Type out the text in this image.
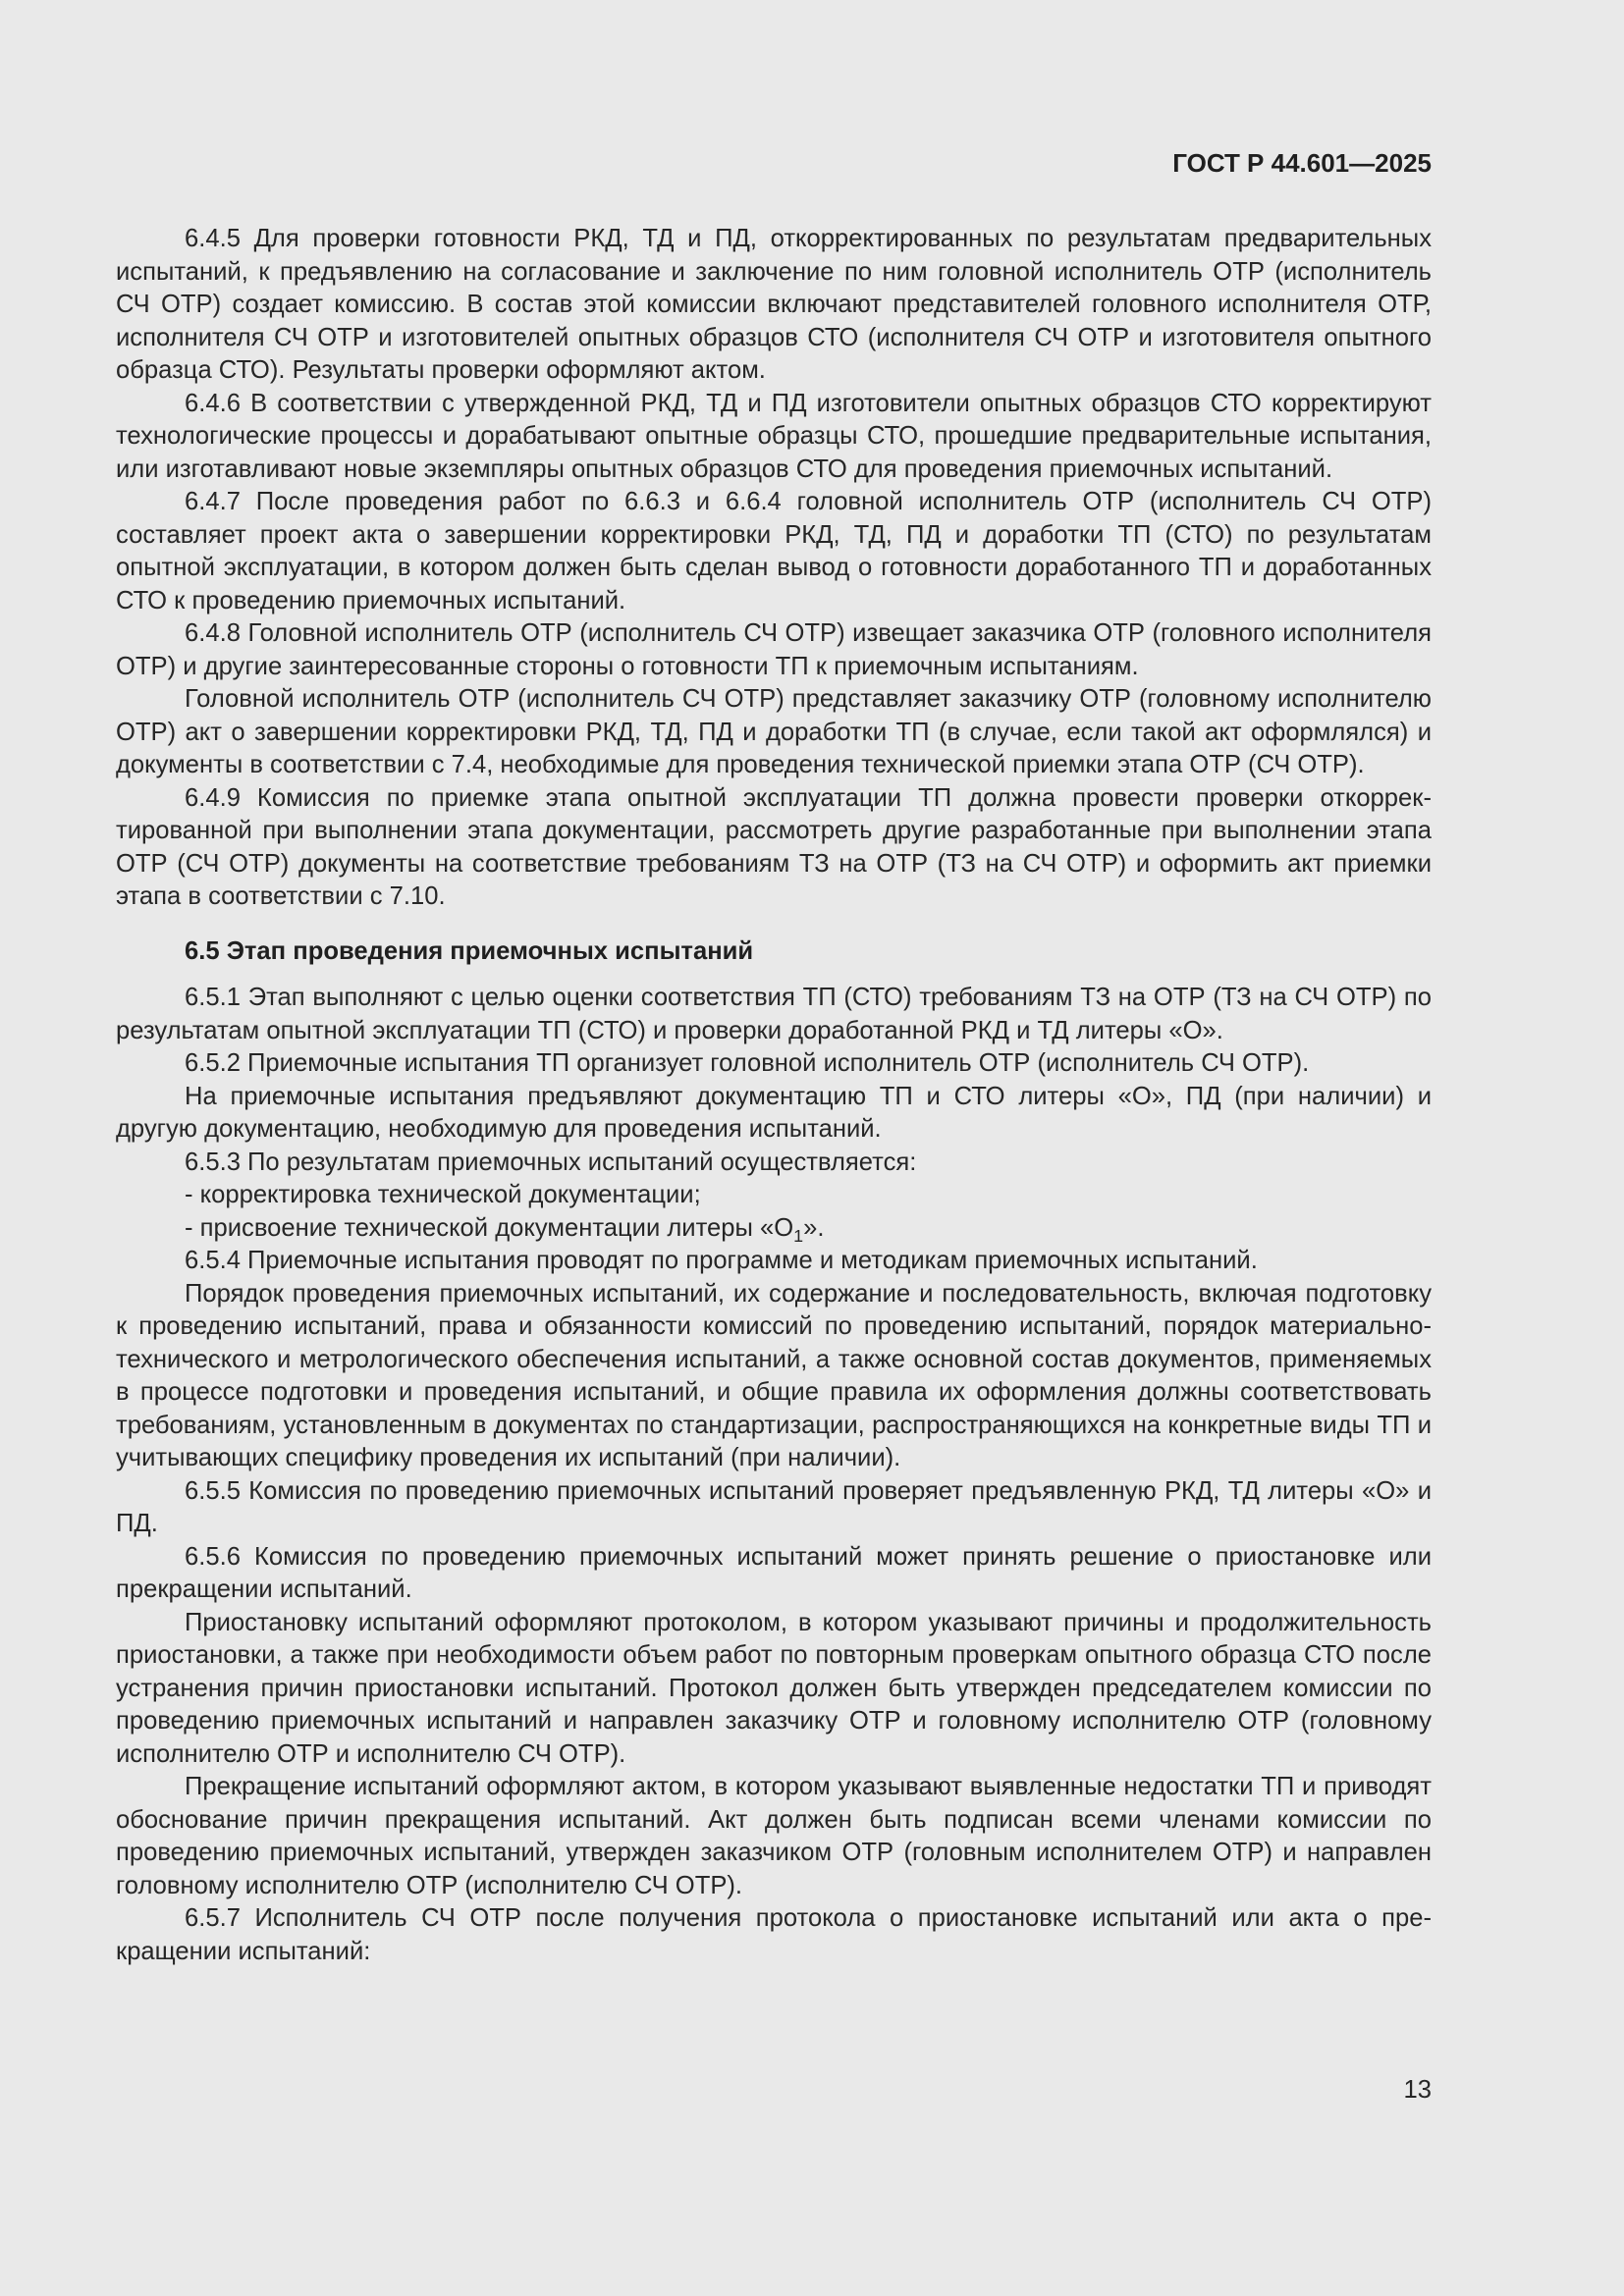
ГОСТ Р 44.601—2025

6.4.5 Для проверки готовности РКД, ТД и ПД, откорректированных по результатам предварительных испытаний, к предъявлению на согласование и заключение по ним головной исполнитель ОТР (исполнитель СЧ ОТР) создает комиссию. В состав этой комиссии включают представителей головного исполнителя ОТР, исполнителя СЧ ОТР и изготовителей опытных образцов СТО (исполнителя СЧ ОТР и изготовителя опытного образца СТО). Результаты проверки оформляют актом.

6.4.6 В соответствии с утвержденной РКД, ТД и ПД изготовители опытных образцов СТО корректируют технологические процессы и дорабатывают опытные образцы СТО, прошедшие предварительные испытания, или изготавливают новые экземпляры опытных образцов СТО для проведения приемочных испытаний.

6.4.7 После проведения работ по 6.6.3 и 6.6.4 головной исполнитель ОТР (исполнитель СЧ ОТР) составляет проект акта о завершении корректировки РКД, ТД, ПД и доработки ТП (СТО) по результатам опытной эксплуатации, в котором должен быть сделан вывод о готовности доработанного ТП и доработанных СТО к проведению приемочных испытаний.

6.4.8 Головной исполнитель ОТР (исполнитель СЧ ОТР) извещает заказчика ОТР (головного исполнителя ОТР) и другие заинтересованные стороны о готовности ТП к приемочным испытаниям.

Головной исполнитель ОТР (исполнитель СЧ ОТР) представляет заказчику ОТР (головному исполнителю ОТР) акт о завершении корректировки РКД, ТД, ПД и доработки ТП (в случае, если такой акт оформлялся) и документы в соответствии с 7.4, необходимые для проведения технической приемки этапа ОТР (СЧ ОТР).

6.4.9 Комиссия по приемке этапа опытной эксплуатации ТП должна провести проверки откорректированной при выполнении этапа документации, рассмотреть другие разработанные при выполнении этапа ОТР (СЧ ОТР) документы на соответствие требованиям ТЗ на ОТР (ТЗ на СЧ ОТР) и оформить акт приемки этапа в соответствии с 7.10.

6.5 Этап проведения приемочных испытаний

6.5.1 Этап выполняют с целью оценки соответствия ТП (СТО) требованиям ТЗ на ОТР (ТЗ на СЧ ОТР) по результатам опытной эксплуатации ТП (СТО) и проверки доработанной РКД и ТД литеры «О».

6.5.2 Приемочные испытания ТП организует головной исполнитель ОТР (исполнитель СЧ ОТР).

На приемочные испытания предъявляют документацию ТП и СТО литеры «О», ПД (при наличии) и другую документацию, необходимую для проведения испытаний.

6.5.3 По результатам приемочных испытаний осуществляется:

- корректировка технической документации;

- присвоение технической документации литеры «$О_1$».

6.5.4 Приемочные испытания проводят по программе и методикам приемочных испытаний.

Порядок проведения приемочных испытаний, их содержание и последовательность, включая подготовку к проведению испытаний, права и обязанности комиссий по проведению испытаний, порядок материально-технического и метрологического обеспечения испытаний, а также основной состав документов, применяемых в процессе подготовки и проведения испытаний, и общие правила их оформления должны соответствовать требованиям, установленным в документах по стандартизации, распространяющихся на конкретные виды ТП и учитывающих специфику проведения их испытаний (при наличии).

6.5.5 Комиссия по проведению приемочных испытаний проверяет предъявленную РКД, ТД литеры «О» и ПД.

6.5.6 Комиссия по проведению приемочных испытаний может принять решение о приостановке или прекращении испытаний.

Приостановку испытаний оформляют протоколом, в котором указывают причины и продолжительность приостановки, а также при необходимости объем работ по повторным проверкам опытного образца СТО после устранения причин приостановки испытаний. Протокол должен быть утвержден председателем комиссии по проведению приемочных испытаний и направлен заказчику ОТР и головному исполнителю ОТР (головному исполнителю ОТР и исполнителю СЧ ОТР).

Прекращение испытаний оформляют актом, в котором указывают выявленные недостатки ТП и приводят обоснование причин прекращения испытаний. Акт должен быть подписан всеми членами комиссии по проведению приемочных испытаний, утвержден заказчиком ОТР (головным исполнителем ОТР) и направлен головному исполнителю ОТР (исполнителю СЧ ОТР).

6.5.7 Исполнитель СЧ ОТР после получения протокола о приостановке испытаний или акта о прекращении испытаний:

13
